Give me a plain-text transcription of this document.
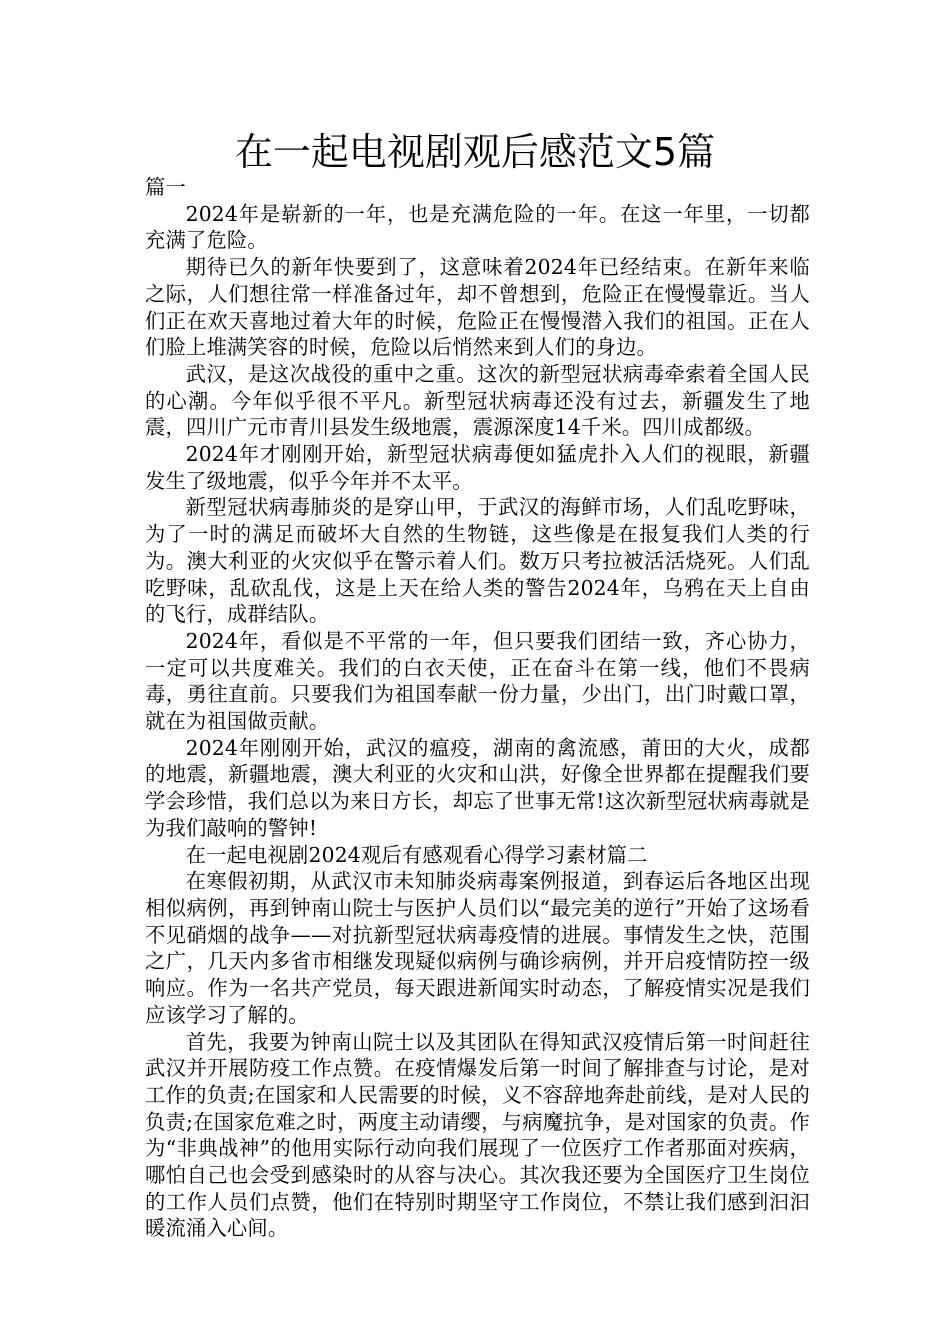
在一起电视剧观后感范文5篇

篇一

2024年是崭新的一年，也是充满危险的一年。在这一年里，一切都充满了危险。

期待已久的新年快要到了，这意味着2024年已经结束。在新年来临之际，人们想往常一样准备过年，却不曾想到，危险正在慢慢靠近。当人们正在欢天喜地过着大年的时候，危险正在慢慢潜入我们的祖国。正在人们脸上堆满笑容的时候，危险以后悄然来到人们的身边。

武汉，是这次战役的重中之重。这次的新型冠状病毒牵索着全国人民的心潮。今年似乎很不平凡。新型冠状病毒还没有过去，新疆发生了地震，四川广元市青川县发生级地震，震源深度14千米。四川成都级。

2024年才刚刚开始，新型冠状病毒便如猛虎扑入人们的视眼，新疆发生了级地震，似乎今年并不太平。

新型冠状病毒肺炎的是穿山甲，于武汉的海鲜市场，人们乱吃野味，为了一时的满足而破坏大自然的生物链，这些像是在报复我们人类的行为。澳大利亚的火灾似乎在警示着人们。数万只考拉被活活烧死。人们乱吃野味，乱砍乱伐，这是上天在给人类的警告2024年，乌鸦在天上自由的飞行，成群结队。

2024年，看似是不平常的一年，但只要我们团结一致，齐心协力，一定可以共度难关。我们的白衣天使，正在奋斗在第一线，他们不畏病毒，勇往直前。只要我们为祖国奉献一份力量，少出门，出门时戴口罩，就在为祖国做贡献。

2024年刚刚开始，武汉的瘟疫，湖南的禽流感，莆田的大火，成都的地震，新疆地震，澳大利亚的火灾和山洪，好像全世界都在提醒我们要学会珍惜，我们总以为来日方长，却忘了世事无常!这次新型冠状病毒就是为我们敲响的警钟!

在一起电视剧2024观后有感观看心得学习素材篇二

在寒假初期，从武汉市未知肺炎病毒案例报道，到春运后各地区出现相似病例，再到钟南山院士与医护人员们以“最完美的逆行”开始了这场看不见硝烟的战争——对抗新型冠状病毒疫情的进展。事情发生之快，范围之广，几天内多省市相继发现疑似病例与确诊病例，并开启疫情防控一级响应。作为一名共产党员，每天跟进新闻实时动态，了解疫情实况是我们应该学习了解的。

首先，我要为钟南山院士以及其团队在得知武汉疫情后第一时间赶往武汉并开展防疫工作点赞。在疫情爆发后第一时间了解排查与讨论，是对工作的负责;在国家和人民需要的时候，义不容辞地奔赴前线，是对人民的负责;在国家危难之时，两度主动请缨，与病魔抗争，是对国家的负责。作为“非典战神”的他用实际行动向我们展现了一位医疗工作者那面对疾病，哪怕自己也会受到感染时的从容与决心。其次我还要为全国医疗卫生岗位的工作人员们点赞，他们在特别时期坚守工作岗位，不禁让我们感到汩汩暖流涌入心间。
